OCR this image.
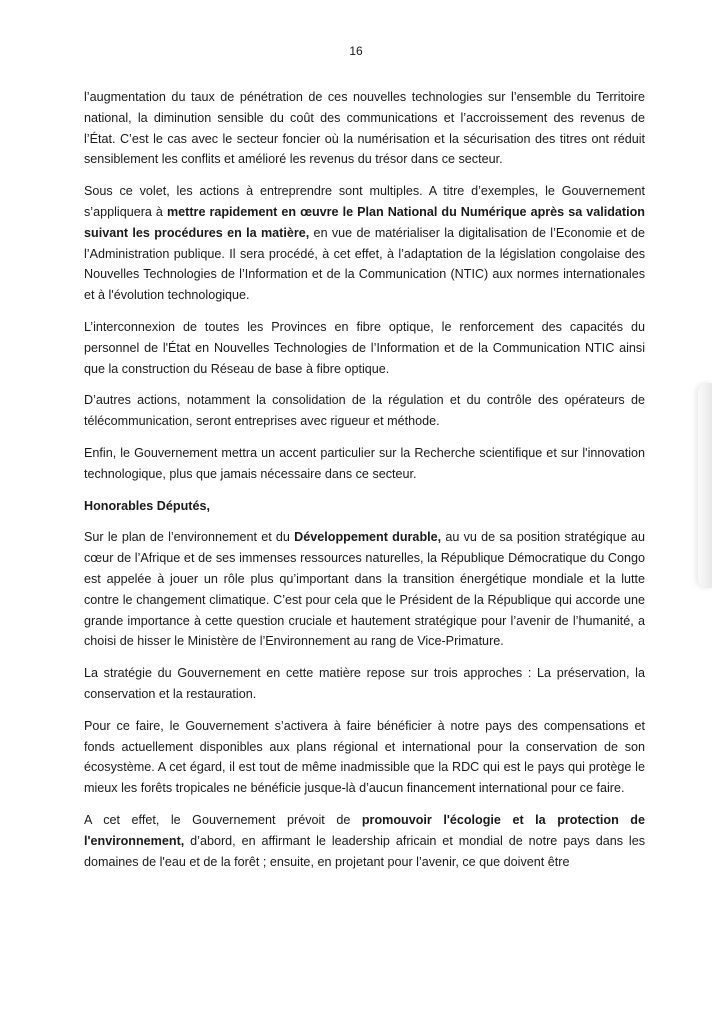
16

l’augmentation du taux de pénétration de ces nouvelles technologies sur l’ensemble du Territoire national, la diminution sensible du coût des communications et l’accroissement des revenus de l’État. C’est le cas avec le secteur foncier où la numérisation et la sécurisation des titres ont réduit sensiblement les conflits et amélioré les revenus du trésor dans ce secteur.

Sous ce volet, les actions à entreprendre sont multiples. A titre d’exemples, le Gouvernement s’appliquera à mettre rapidement en œuvre le Plan National du Numérique après sa validation suivant les procédures en la matière, en vue de matérialiser la digitalisation de l’Economie et de l’Administration publique. Il sera procédé, à cet effet, à l’adaptation de la législation congolaise des Nouvelles Technologies de l’Information et de la Communication (NTIC) aux normes internationales et à l'évolution technologique.

L’interconnexion de toutes les Provinces en fibre optique, le renforcement des capacités du personnel de l'État en Nouvelles Technologies de l’Information et de la Communication NTIC ainsi que la construction du Réseau de base à fibre optique.

D’autres actions, notamment la consolidation de la régulation et du contrôle des opérateurs de télécommunication, seront entreprises avec rigueur et méthode.

Enfin, le Gouvernement mettra un accent particulier sur la Recherche scientifique et sur l'innovation technologique, plus que jamais nécessaire dans ce secteur.

Honorables Députés,

Sur le plan de l’environnement et du Développement durable, au vu de sa position stratégique au cœur de l’Afrique et de ses immenses ressources naturelles, la République Démocratique du Congo est appelée à jouer un rôle plus qu’important dans la transition énergétique mondiale et la lutte contre le changement climatique. C’est pour cela que le Président de la République qui accorde une grande importance à cette question cruciale et hautement stratégique pour l’avenir de l’humanité, a choisi de hisser le Ministère de l’Environnement au rang de Vice-Primature.

La stratégie du Gouvernement en cette matière repose sur trois approches : La préservation, la conservation et la restauration.

Pour ce faire, le Gouvernement s’activera à faire bénéficier à notre pays des compensations et fonds actuellement disponibles aux plans régional et international pour la conservation de son écosystème. A cet égard, il est tout de même inadmissible que la RDC qui est le pays qui protège le mieux les forêts tropicales ne bénéficie jusque-là d’aucun financement international pour ce faire.

A cet effet, le Gouvernement prévoit de promouvoir l'écologie et la protection de l'environnement, d’abord, en affirmant le leadership africain et mondial de notre pays dans les domaines de l'eau et de la forêt ; ensuite, en projetant pour l’avenir, ce que doivent être
